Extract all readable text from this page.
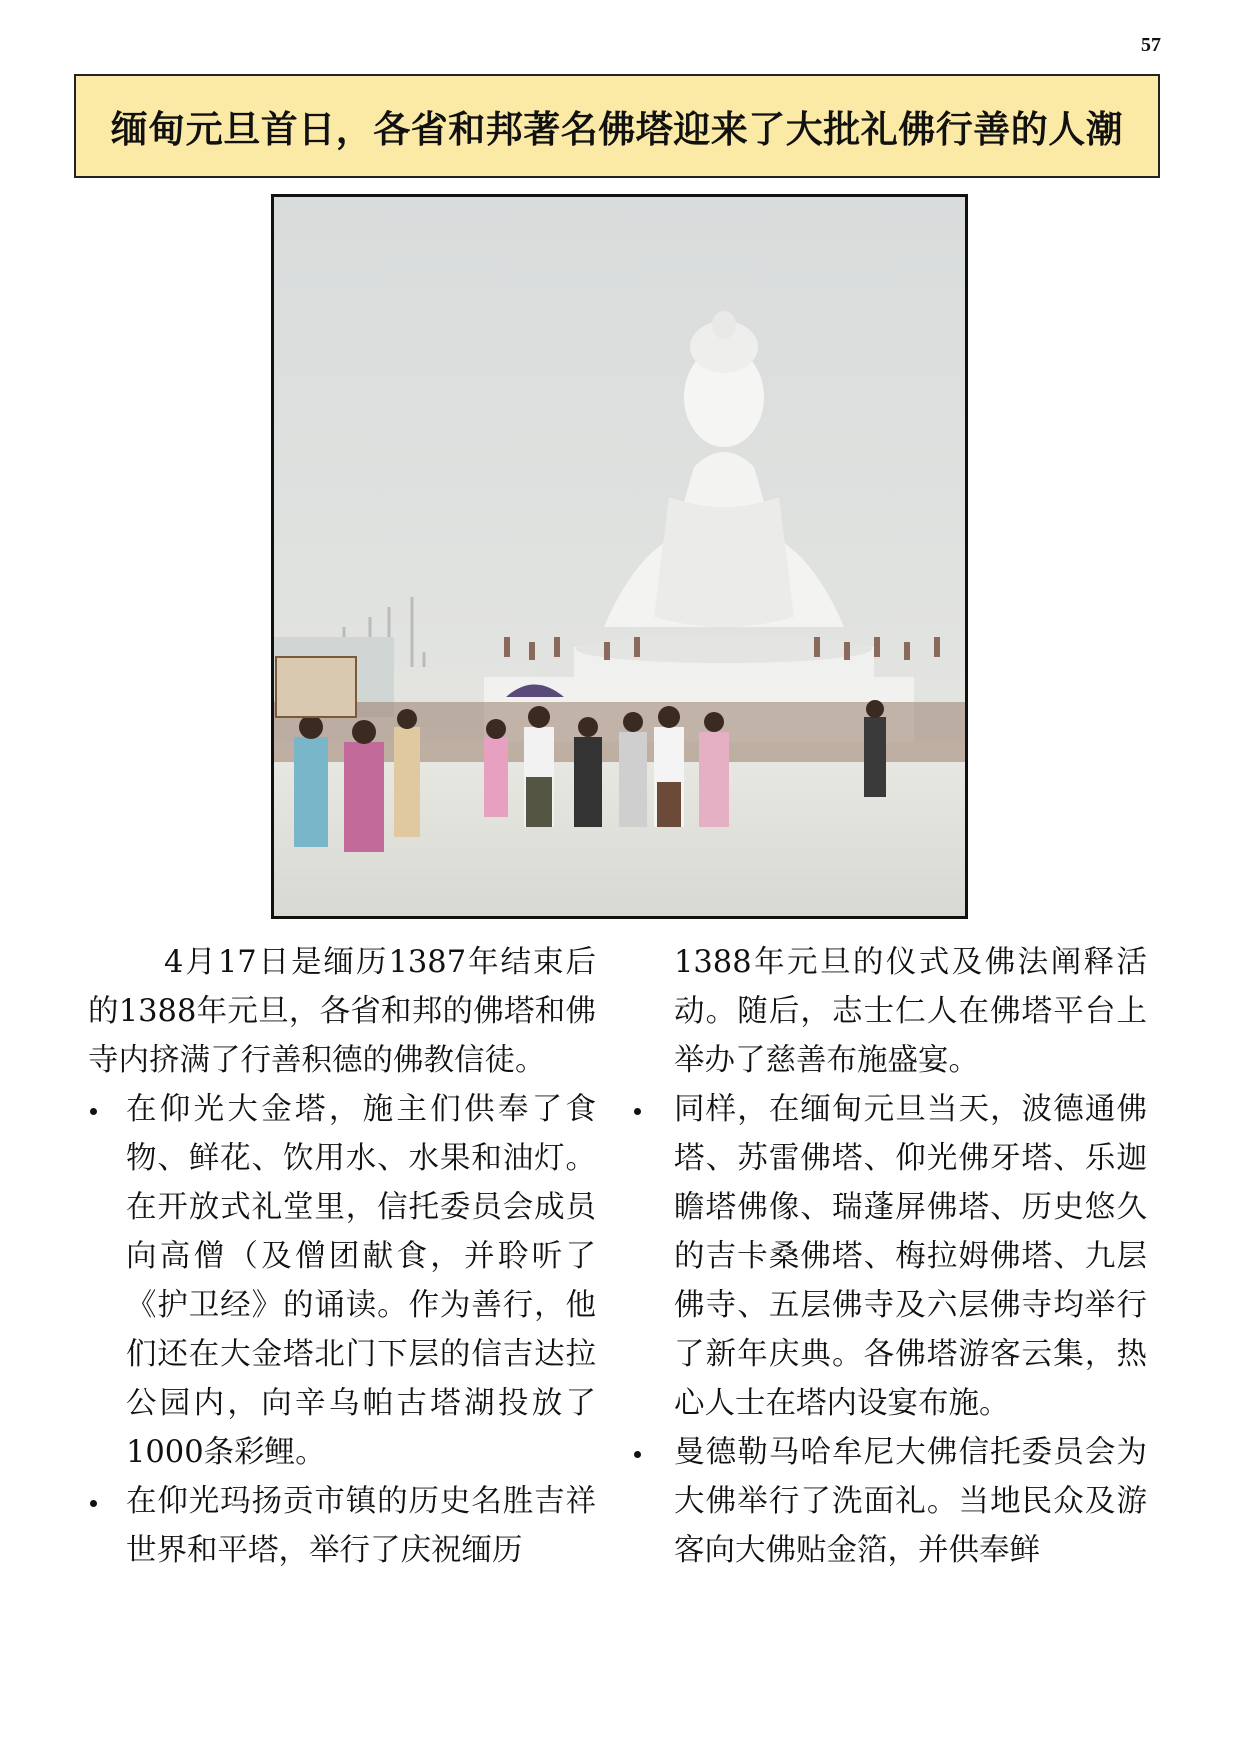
57
缅甸元旦首日，各省和邦著名佛塔迎来了大批礼佛行善的人潮

4月17日是缅历1387年结束后的1388年元旦，各省和邦的佛塔和佛寺内挤满了行善积德的佛教信徒。

在仰光大金塔，施主们供奉了食物、鲜花、饮用水、水果和油灯。在开放式礼堂里，信托委员会成员向高僧（及僧团献食，并聆听了《护卫经》的诵读。作为善行，他们还在大金塔北门下层的信吉达拉公园内，向辛乌帕古塔湖投放了1000条彩鲤。
在仰光玛扬贡市镇的历史名胜吉祥世界和平塔，举行了庆祝缅历

1388年元旦的仪式及佛法阐释活动。随后，志士仁人在佛塔平台上举办了慈善布施盛宴。

同样，在缅甸元旦当天，波德通佛塔、苏雷佛塔、仰光佛牙塔、乐迦瞻塔佛像、瑞蓬屏佛塔、历史悠久的吉卡桑佛塔、梅拉姆佛塔、九层佛寺、五层佛寺及六层佛寺均举行了新年庆典。各佛塔游客云集，热心人士在塔内设宴布施。
曼德勒马哈牟尼大佛信托委员会为大佛举行了洗面礼。当地民众及游客向大佛贴金箔，并供奉鲜
